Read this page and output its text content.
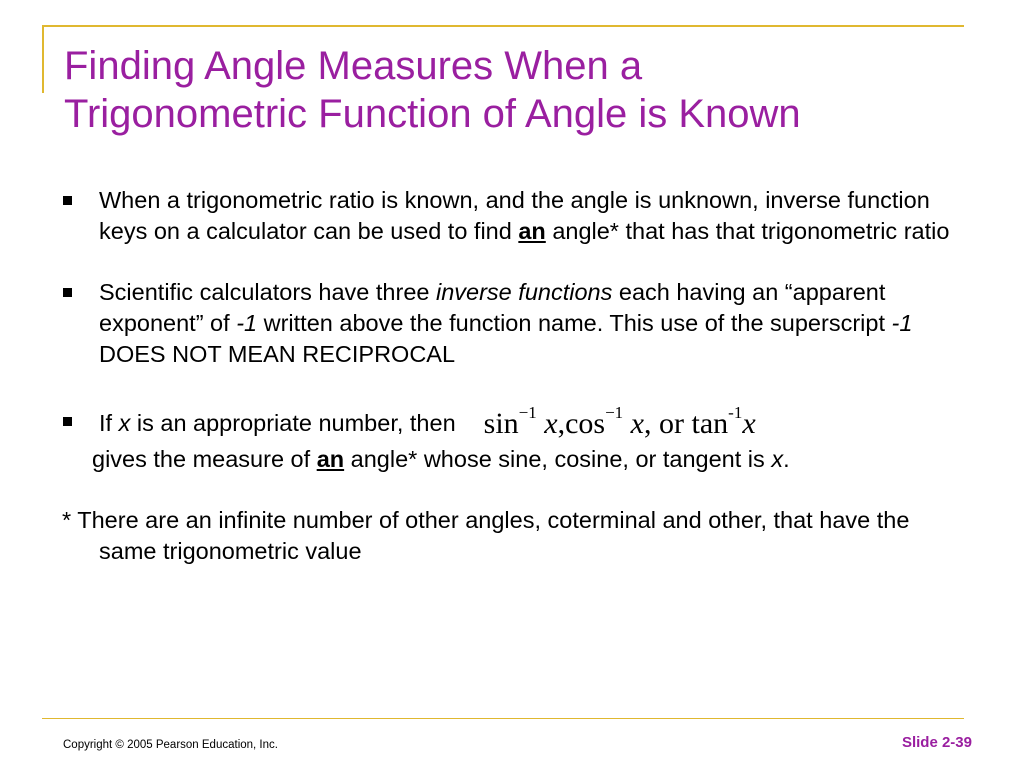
Finding Angle Measures When a
Trigonometric Function of Angle is Known
When a trigonometric ratio is known, and the angle is unknown, inverse function keys on a calculator can be used to find an angle* that has that trigonometric ratio
Scientific calculators have three inverse functions each having an “apparent exponent” of -1 written above the function name. This use of the superscript -1 DOES NOT MEAN RECIPROCAL
If x is an appropriate number, then $\sin^{-1} x,\cos^{-1}$ x, or $\tan^{-1}x$
gives the measure of an angle* whose sine, cosine, or tangent is x.
* There are an infinite number of other angles, coterminal and other, that have the same trigonometric value
Copyright © 2005 Pearson Education, Inc.	Slide 2-39
